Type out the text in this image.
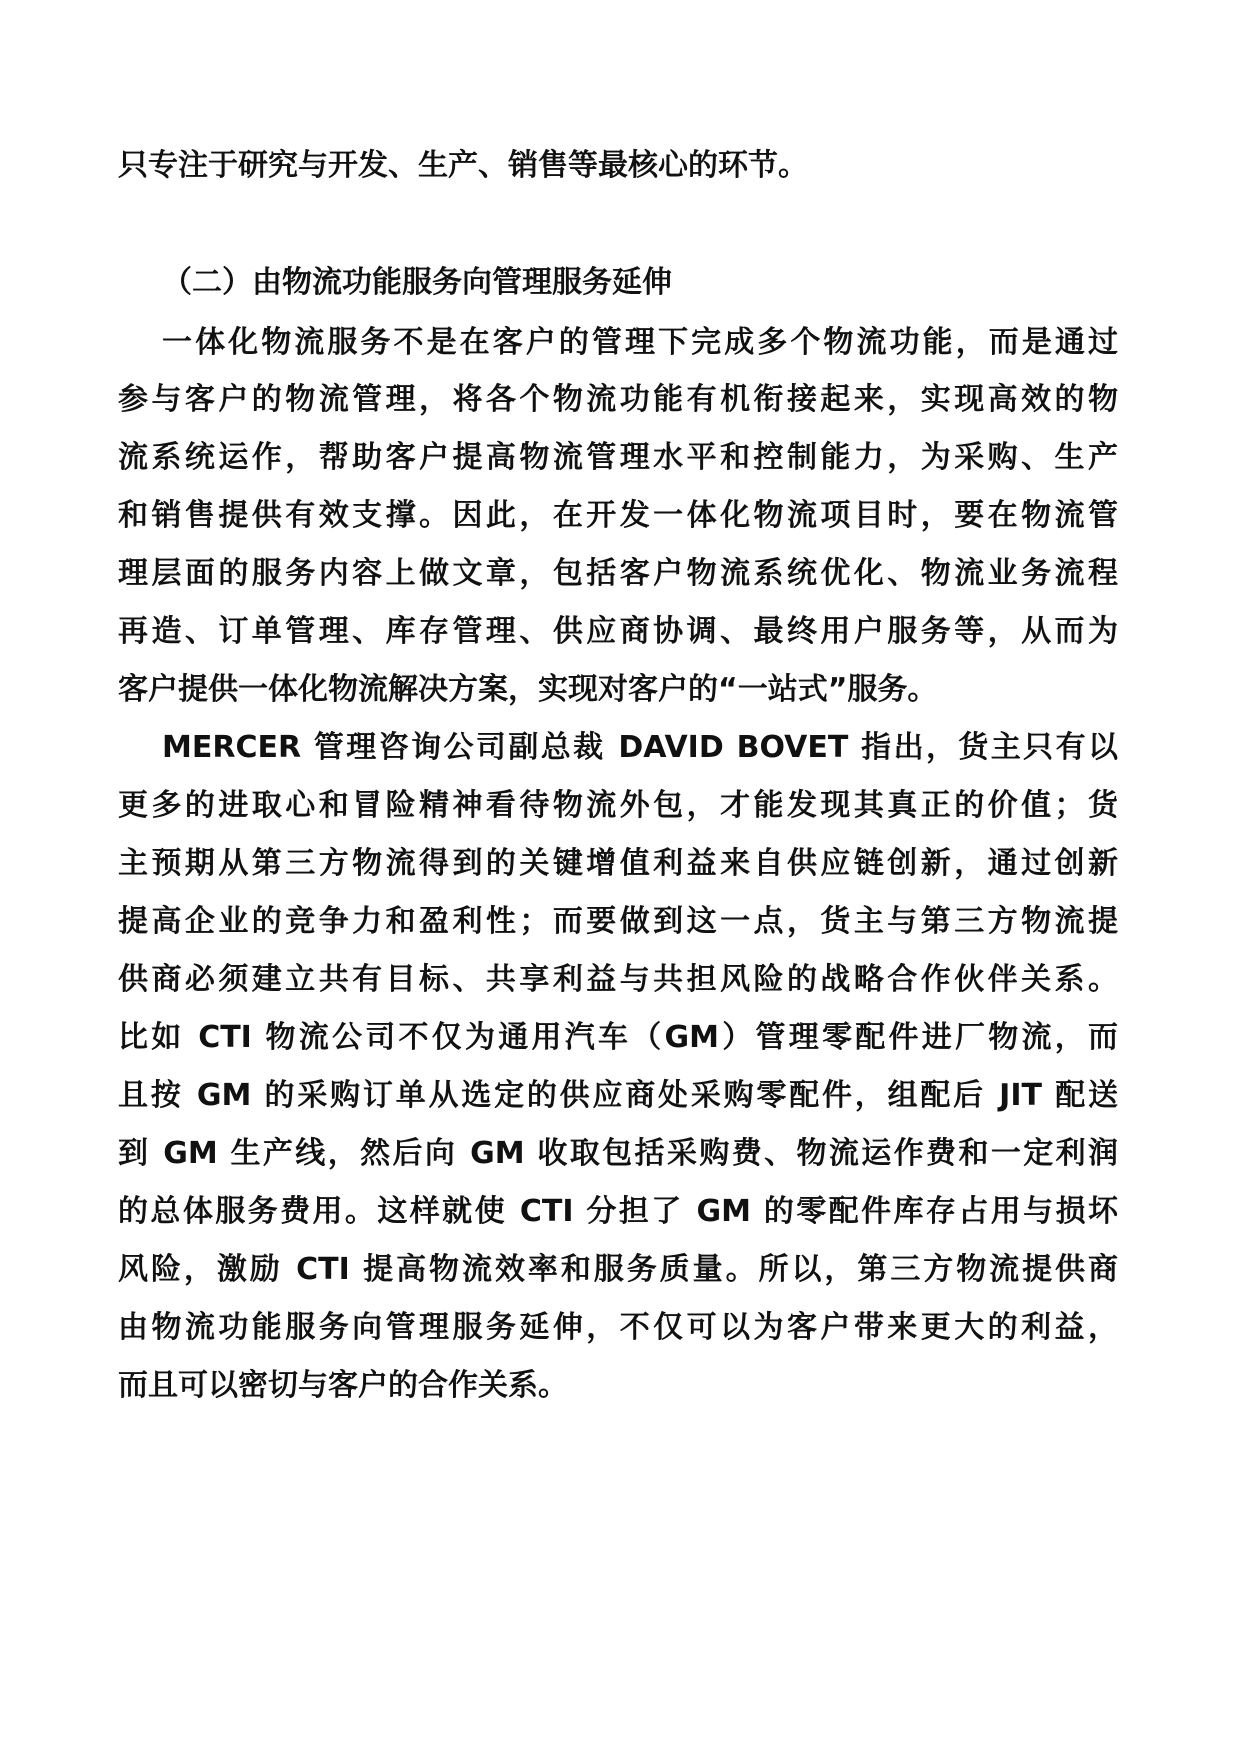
只专注于研究与开发、生产、销售等最核心的环节。

（二）由物流功能服务向管理服务延伸

一体化物流服务不是在客户的管理下完成多个物流功能，而是通过

参与客户的物流管理，将各个物流功能有机衔接起来，实现高效的物

流系统运作，帮助客户提高物流管理水平和控制能力，为采购、生产

和销售提供有效支撑。因此，在开发一体化物流项目时，要在物流管

理层面的服务内容上做文章，包括客户物流系统优化、物流业务流程

再造、订单管理、库存管理、供应商协调、最终用户服务等，从而为

客户提供一体化物流解决方案，实现对客户的“一站式”服务。

MERCER 管理咨询公司副总裁 DAVID BOVET 指出，货主只有以

更多的进取心和冒险精神看待物流外包，才能发现其真正的价值；货

主预期从第三方物流得到的关键增值利益来自供应链创新，通过创新

提高企业的竞争力和盈利性；而要做到这一点，货主与第三方物流提

供商必须建立共有目标、共享利益与共担风险的战略合作伙伴关系。

比如 CTI 物流公司不仅为通用汽车（GM）管理零配件进厂物流，而

且按 GM 的采购订单从选定的供应商处采购零配件，组配后 JIT 配送

到 GM 生产线，然后向 GM 收取包括采购费、物流运作费和一定利润

的总体服务费用。这样就使 CTI 分担了 GM 的零配件库存占用与损坏

风险，激励 CTI 提高物流效率和服务质量。所以，第三方物流提供商

由物流功能服务向管理服务延伸，不仅可以为客户带来更大的利益，

而且可以密切与客户的合作关系。
